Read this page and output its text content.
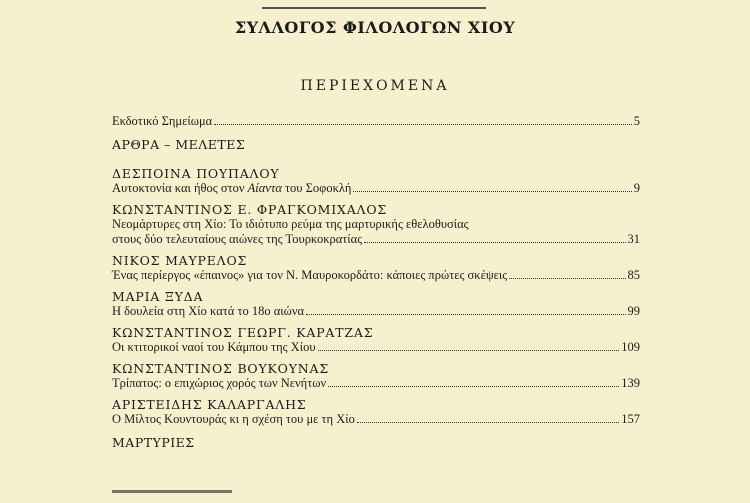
ΣΥΛΛΟΓΟΣ ΦΙΛΟΛΟΓΩΝ ΧΙΟΥ
ΠΕΡΙΕΧΟΜΕΝΑ
Εκδοτικό Σημείωμα	5
ΑΡΘΡΑ – ΜΕΛΕΤΕΣ
ΔΕΣΠΟΙΝΑ ΠΟΥΠΑΛΟΥ
Αυτοκτονία και ήθος στον Αίαντα του Σοφοκλή	9
ΚΩΝΣΤΑΝΤΙΝΟΣ Ε. ΦΡΑΓΚΟΜΙΧΑΛΟΣ
Νεομάρτυρες στη Χίο: Το ιδιότυπο ρεύμα της μαρτυρικής εθελοθυσίας
στους δύο τελευταίους αιώνες της Τουρκοκρατίας	31
ΝΙΚΟΣ ΜΑΥΡΕΛΟΣ
Ένας περίεργος «έπαινος» για τον Ν. Μαυροκορδάτο: κάποιες πρώτες σκέψεις	85
ΜΑΡΙΑ ΞΥΔΑ
Η δουλεία στη Χίο κατά το 18ο αιώνα	99
ΚΩΝΣΤΑΝΤΙΝΟΣ ΓΕΩΡΓ. ΚΑΡΑΤΖΑΣ
Οι κτιτορικοί ναοί του Κάμπου της Χίου	109
ΚΩΝΣΤΑΝΤΙΝΟΣ ΒΟΥΚΟΥΝΑΣ
Τρίπατος: ο επιχώριος χορός των Νενήτων	139
ΑΡΙΣΤΕΙΔΗΣ ΚΑΛΑΡΓΑΛΗΣ
Ο Μίλτος Κουντουράς κι η σχέση του με τη Χίο	157
ΜΑΡΤΥΡΙΕΣ
